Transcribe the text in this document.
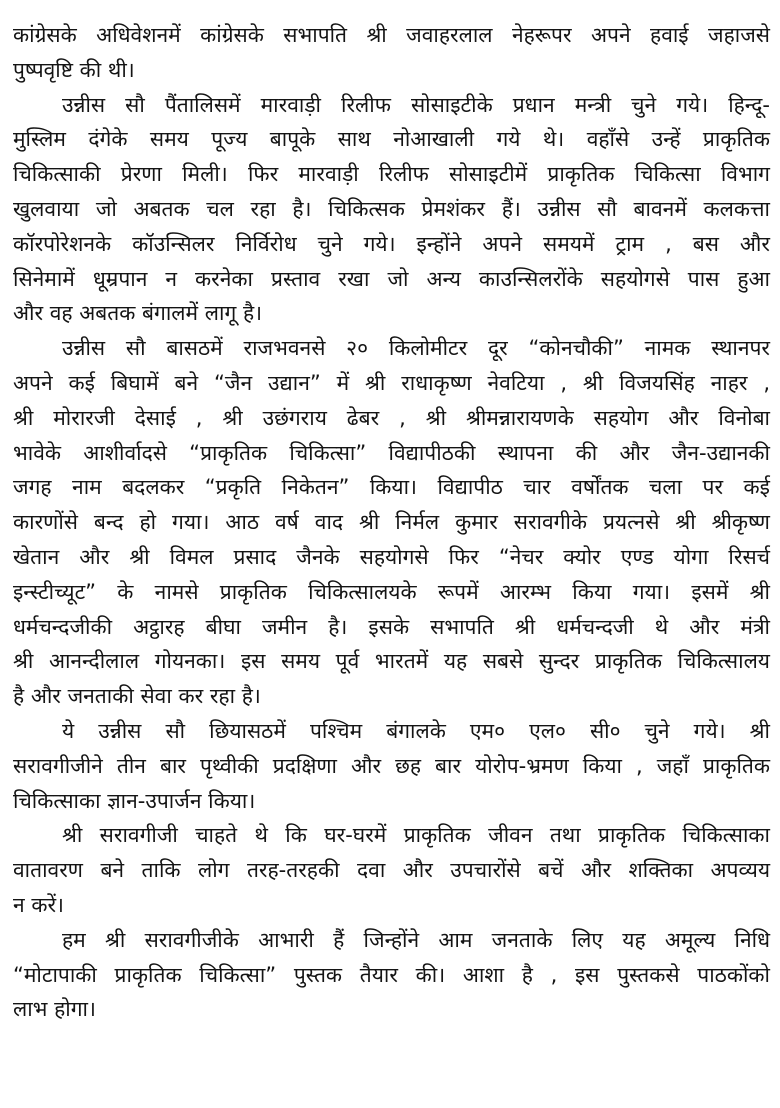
कांग्रेसके अधिवेशनमें कांग्रेसके सभापति श्री जवाहरलाल नेहरूपर अपने हवाई जहाजसे
पुष्पवृष्टि की थी।

उन्नीस सौ पैंतालिसमें मारवाड़ी रिलीफ सोसाइटीके प्रधान मन्त्री चुने गये। हिन्दू-
मुस्लिम दंगेके समय पूज्य बापूके साथ नोआखाली गये थे। वहाँसे उन्हें प्राकृतिक
चिकित्साकी प्रेरणा मिली। फिर मारवाड़ी रिलीफ सोसाइटीमें प्राकृतिक चिकित्सा विभाग
खुलवाया जो अबतक चल रहा है। चिकित्सक प्रेमशंकर हैं। उन्नीस सौ बावनमें कलकत्ता
कॉरपोरेशनके कॉउन्सिलर निर्विरोध चुने गये। इन्होंने अपने समयमें ट्राम , बस और
सिनेमामें धूम्रपान न करनेका प्रस्ताव रखा जो अन्य काउन्सिलरोंके सहयोगसे पास हुआ
और वह अबतक बंगालमें लागू है।

उन्नीस सौ बासठमें राजभवनसे २० किलोमीटर दूर “कोनचौकी” नामक स्थानपर
अपने कई बिघामें बने “जैन उद्यान” में श्री राधाकृष्ण नेवटिया , श्री विजयसिंह नाहर ,
श्री मोरारजी देसाई , श्री उछंगराय ढेबर , श्री श्रीमन्नारायणके सहयोग और विनोबा
भावेके आशीर्वादसे “प्राकृतिक चिकित्सा” विद्यापीठकी स्थापना की और जैन-उद्यानकी
जगह नाम बदलकर “प्रकृति निकेतन” किया। विद्यापीठ चार वर्षोंतक चला पर कई
कारणोंसे बन्द हो गया। आठ वर्ष वाद श्री निर्मल कुमार सरावगीके प्रयत्नसे श्री श्रीकृष्ण
खेतान और श्री विमल प्रसाद जैनके सहयोगसे फिर “नेचर क्योर एण्ड योगा रिसर्च
इन्स्टीच्यूट” के नामसे प्राकृतिक चिकित्सालयके रूपमें आरम्भ किया गया। इसमें श्री
धर्मचन्दजीकी अट्ठारह बीघा जमीन है। इसके सभापति श्री धर्मचन्दजी थे और मंत्री
श्री आनन्दीलाल गोयनका। इस समय पूर्व भारतमें यह सबसे सुन्दर प्राकृतिक चिकित्सालय
है और जनताकी सेवा कर रहा है।

ये उन्नीस सौ छियासठमें पश्चिम बंगालके एम० एल० सी० चुने गये। श्री
सरावगीजीने तीन बार पृथ्वीकी प्रदक्षिणा और छह बार योरोप-भ्रमण किया , जहाँ प्राकृतिक
चिकित्साका ज्ञान-उपार्जन किया।

श्री सरावगीजी चाहते थे कि घर-घरमें प्राकृतिक जीवन तथा प्राकृतिक चिकित्साका
वातावरण बने ताकि लोग तरह-तरहकी दवा और उपचारोंसे बचें और शक्तिका अपव्यय
न करें।

हम श्री सरावगीजीके आभारी हैं जिन्होंने आम जनताके लिए यह अमूल्य निधि
“मोटापाकी प्राकृतिक चिकित्सा” पुस्तक तैयार की। आशा है , इस पुस्तकसे पाठकोंको
लाभ होगा।
